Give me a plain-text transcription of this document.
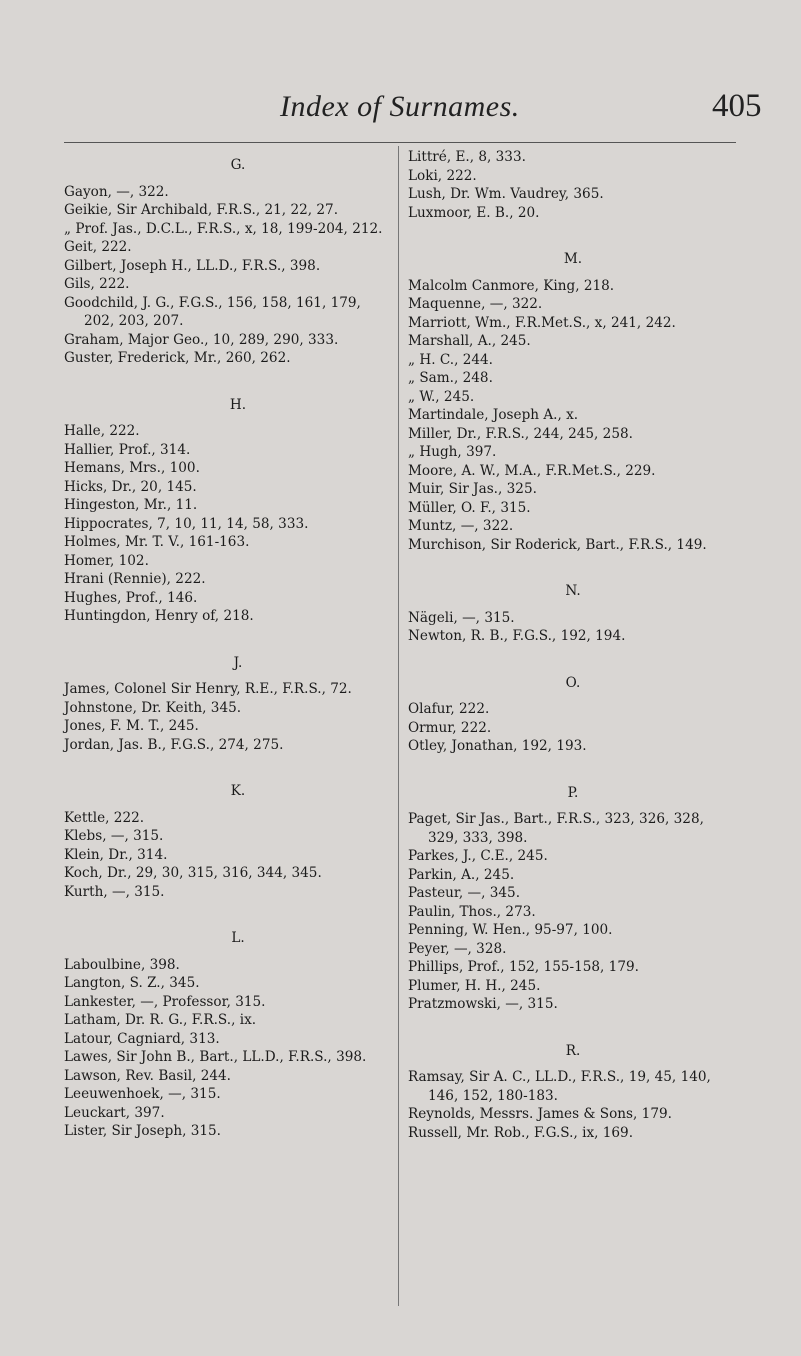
Index of Surnames.	405
G.
Gayon, —, 322.
Geikie, Sir Archibald, F.R.S., 21, 22, 27.
„ Prof. Jas., D.C.L., F.R.S., x, 18, 199-204, 212.
Geit, 222.
Gilbert, Joseph H., LL.D., F.R.S., 398.
Gils, 222.
Goodchild, J. G., F.G.S., 156, 158, 161, 179, 202, 203, 207.
Graham, Major Geo., 10, 289, 290, 333.
Guster, Frederick, Mr., 260, 262.
H.
Halle, 222.
Hallier, Prof., 314.
Hemans, Mrs., 100.
Hicks, Dr., 20, 145.
Hingeston, Mr., 11.
Hippocrates, 7, 10, 11, 14, 58, 333.
Holmes, Mr. T. V., 161-163.
Homer, 102.
Hrani (Rennie), 222.
Hughes, Prof., 146.
Huntingdon, Henry of, 218.
J.
James, Colonel Sir Henry, R.E., F.R.S., 72.
Johnstone, Dr. Keith, 345.
Jones, F. M. T., 245.
Jordan, Jas. B., F.G.S., 274, 275.
K.
Kettle, 222.
Klebs, —, 315.
Klein, Dr., 314.
Koch, Dr., 29, 30, 315, 316, 344, 345.
Kurth, —, 315.
L.
Laboulbine, 398.
Langton, S. Z., 345.
Lankester, —, Professor, 315.
Latham, Dr. R. G., F.R.S., ix.
Latour, Cagniard, 313.
Lawes, Sir John B., Bart., LL.D., F.R.S., 398.
Lawson, Rev. Basil, 244.
Leeuwenhoek, —, 315.
Leuckart, 397.
Lister, Sir Joseph, 315.
Littré, E., 8, 333.
Loki, 222.
Lush, Dr. Wm. Vaudrey, 365.
Luxmoor, E. B., 20.
M.
Malcolm Canmore, King, 218.
Maquenne, —, 322.
Marriott, Wm., F.R.Met.S., x, 241, 242.
Marshall, A., 245.
„ H. C., 244.
„ Sam., 248.
„ W., 245.
Martindale, Joseph A., x.
Miller, Dr., F.R.S., 244, 245, 258.
„ Hugh, 397.
Moore, A. W., M.A., F.R.Met.S., 229.
Muir, Sir Jas., 325.
Müller, O. F., 315.
Muntz, —, 322.
Murchison, Sir Roderick, Bart., F.R.S., 149.
N.
Nägeli, —, 315.
Newton, R. B., F.G.S., 192, 194.
O.
Olafur, 222.
Ormur, 222.
Otley, Jonathan, 192, 193.
P.
Paget, Sir Jas., Bart., F.R.S., 323, 326, 328, 329, 333, 398.
Parkes, J., C.E., 245.
Parkin, A., 245.
Pasteur, —, 345.
Paulin, Thos., 273.
Penning, W. Hen., 95-97, 100.
Peyer, —, 328.
Phillips, Prof., 152, 155-158, 179.
Plumer, H. H., 245.
Pratzmowski, —, 315.
R.
Ramsay, Sir A. C., LL.D., F.R.S., 19, 45, 140, 146, 152, 180-183.
Reynolds, Messrs. James & Sons, 179.
Russell, Mr. Rob., F.G.S., ix, 169.
